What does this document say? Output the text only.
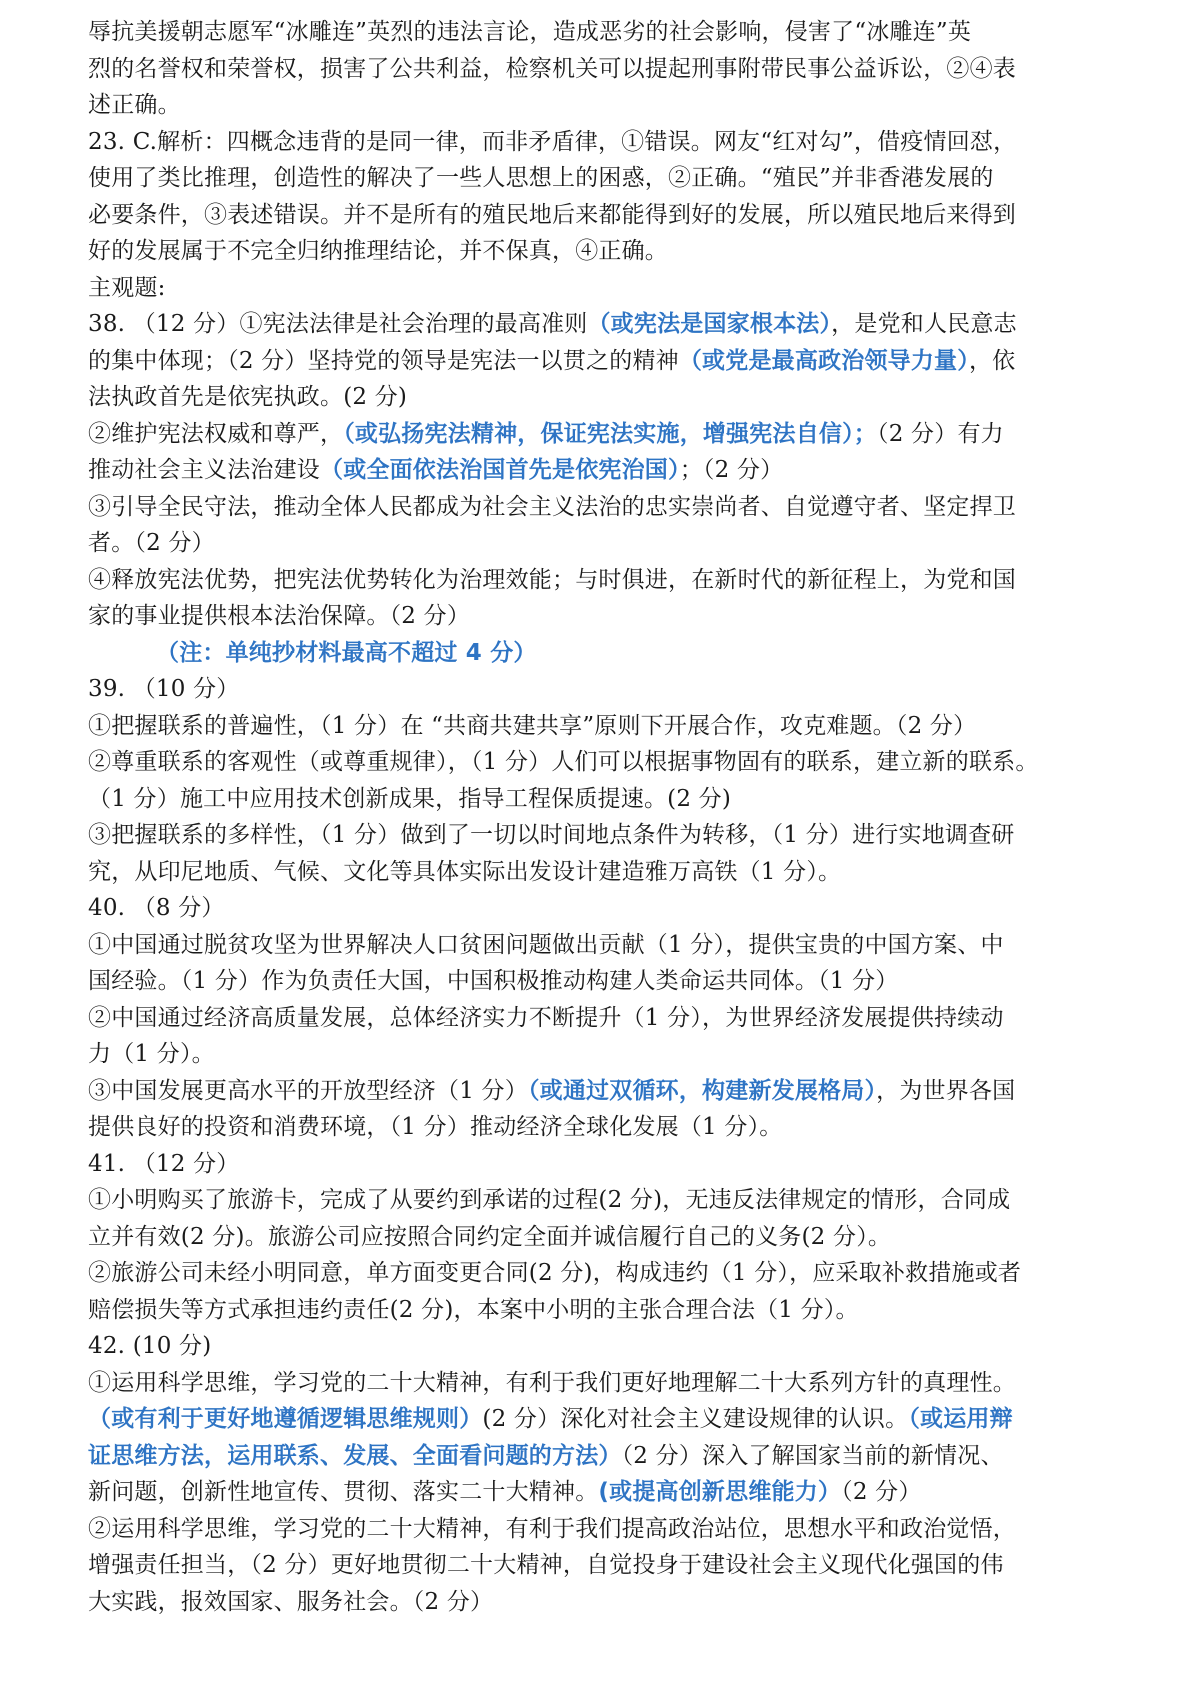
辱抗美援朝志愿军“冰雕连”英烈的违法言论，造成恶劣的社会影响，侵害了“冰雕连”英
烈的名誉权和荣誉权，损害了公共利益，检察机关可以提起刑事附带民事公益诉讼，②④表
述正确。
23. C.解析：四概念违背的是同一律，而非矛盾律，①错误。网友“红对勾”，借疫情回怼，
使用了类比推理，创造性的解决了一些人思想上的困惑，②正确。“殖民”并非香港发展的
必要条件，③表述错误。并不是所有的殖民地后来都能得到好的发展，所以殖民地后来得到
好的发展属于不完全归纳推理结论，并不保真，④正确。
主观题:
38. （12 分）①宪法法律是社会治理的最高准则（或宪法是国家根本法），是党和人民意志
的集中体现；（2 分）坚持党的领导是宪法一以贯之的精神（或党是最高政治领导力量），依
法执政首先是依宪执政。(2 分)
②维护宪法权威和尊严，（或弘扬宪法精神，保证宪法实施，增强宪法自信）；（2 分）有力
推动社会主义法治建设（或全面依法治国首先是依宪治国）；（2 分）
③引导全民守法，推动全体人民都成为社会主义法治的忠实崇尚者、自觉遵守者、坚定捍卫
者。（2 分）
④释放宪法优势，把宪法优势转化为治理效能；与时俱进，在新时代的新征程上，为党和国
家的事业提供根本法治保障。（2 分）
（注：单纯抄材料最高不超过 4 分）
39. （10 分）
①把握联系的普遍性，（1 分）在 “共商共建共享”原则下开展合作，攻克难题。（2 分）
②尊重联系的客观性（或尊重规律），（1 分）人们可以根据事物固有的联系，建立新的联系。
（1 分）施工中应用技术创新成果，指导工程保质提速。(2 分)
③把握联系的多样性，（1 分）做到了一切以时间地点条件为转移，（1 分）进行实地调查研
究，从印尼地质、气候、文化等具体实际出发设计建造雅万高铁（1 分）。
40. （8 分）
①中国通过脱贫攻坚为世界解决人口贫困问题做出贡献（1 分），提供宝贵的中国方案、中
国经验。（1 分）作为负责任大国，中国积极推动构建人类命运共同体。（1 分）
②中国通过经济高质量发展，总体经济实力不断提升（1 分），为世界经济发展提供持续动
力（1 分）。
③中国发展更高水平的开放型经济（1 分）（或通过双循环，构建新发展格局），为世界各国
提供良好的投资和消费环境，（1 分）推动经济全球化发展（1 分）。
41. （12 分）
①小明购买了旅游卡，完成了从要约到承诺的过程(2 分)，无违反法律规定的情形，合同成
立并有效(2 分)。旅游公司应按照合同约定全面并诚信履行自己的义务(2 分）。
②旅游公司未经小明同意，单方面变更合同(2 分)，构成违约（1 分），应采取补救措施或者
赔偿损失等方式承担违约责任(2 分)，本案中小明的主张合理合法（1 分）。
42. (10 分)
①运用科学思维，学习党的二十大精神，有利于我们更好地理解二十大系列方针的真理性。
（或有利于更好地遵循逻辑思维规则）(2 分）深化对社会主义建设规律的认识。（或运用辩
证思维方法，运用联系、发展、全面看问题的方法）（2 分）深入了解国家当前的新情况、
新问题，创新性地宣传、贯彻、落实二十大精神。(或提高创新思维能力）（2 分）
②运用科学思维，学习党的二十大精神，有利于我们提高政治站位，思想水平和政治觉悟，
增强责任担当，（2 分）更好地贯彻二十大精神，自觉投身于建设社会主义现代化强国的伟
大实践，报效国家、服务社会。（2 分）
